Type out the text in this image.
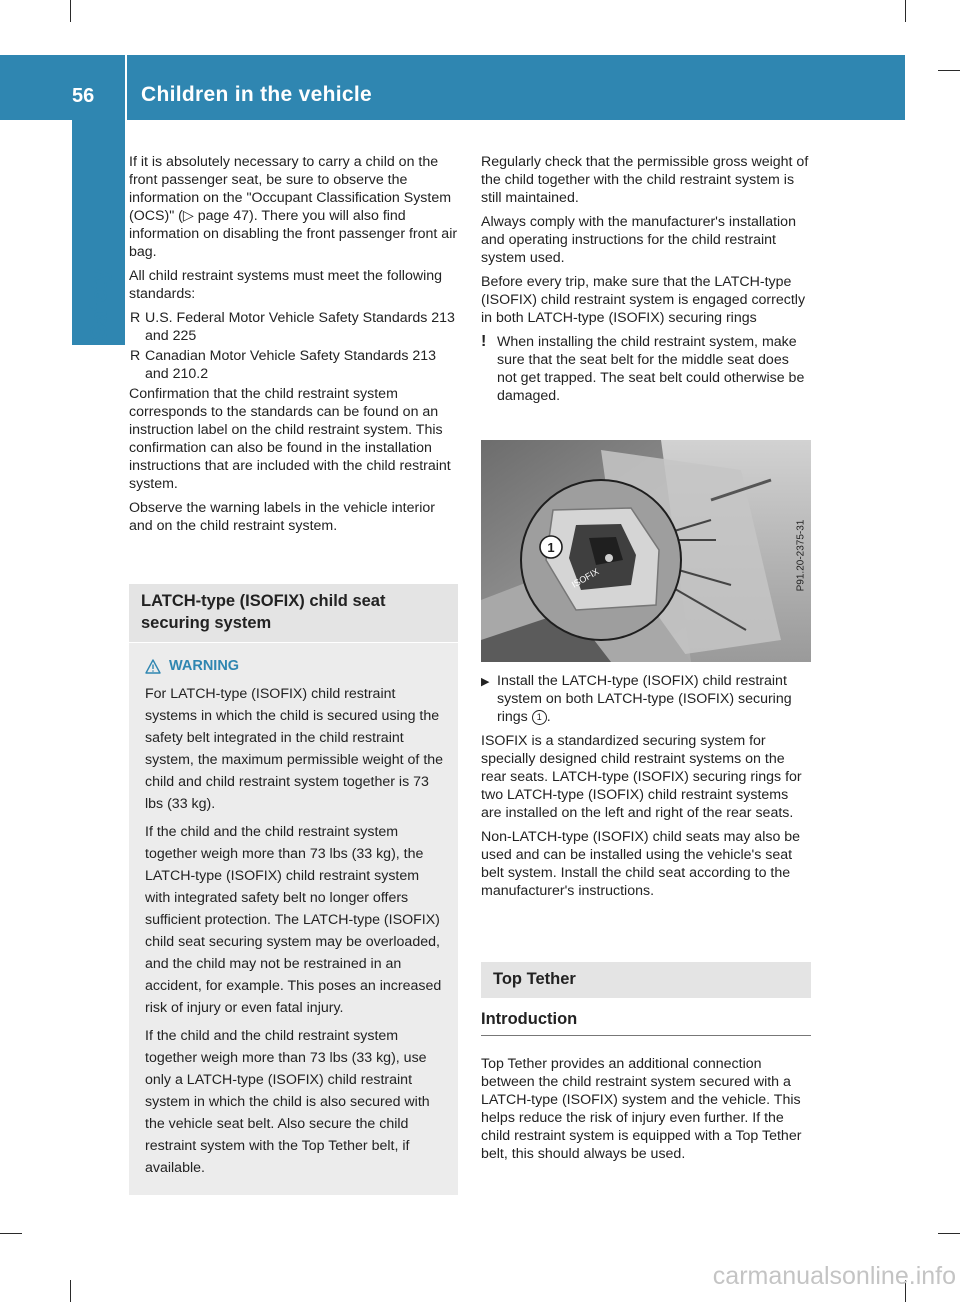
56 Children in the vehicle
Safety

If it is absolutely necessary to carry a child on the front passenger seat, be sure to observe the information on the "Occupant Classification System (OCS)" (▷ page 47). There you will also find information on disabling the front passenger front air bag.

All child restraint systems must meet the following standards:

R U.S. Federal Motor Vehicle Safety Standards 213 and 225
R Canadian Motor Vehicle Safety Standards 213 and 210.2

Confirmation that the child restraint system corresponds to the standards can be found on an instruction label on the child restraint system. This confirmation can also be found in the installation instructions that are included with the child restraint system.

Observe the warning labels in the vehicle interior and on the child restraint system.

LATCH-type (ISOFIX) child seat securing system
WARNING

For LATCH-type (ISOFIX) child restraint systems in which the child is secured using the safety belt integrated in the child restraint system, the maximum permissible weight of the child and child restraint system together is 73 lbs (33 kg).

If the child and the child restraint system together weigh more than 73 lbs (33 kg), the LATCH-type (ISOFIX) child restraint system with integrated safety belt no longer offers sufficient protection. The LATCH-type (ISOFIX) child seat securing system may be overloaded, and the child may not be restrained in an accident, for example. This poses an increased risk of injury or even fatal injury.

If the child and the child restraint system together weigh more than 73 lbs (33 kg), use only a LATCH-type (ISOFIX) child restraint system in which the child is also secured with the vehicle seat belt. Also secure the child restraint system with the Top Tether belt, if available.

Regularly check that the permissible gross weight of the child together with the child restraint system is still maintained.

Always comply with the manufacturer's installation and operating instructions for the child restraint system used.

Before every trip, make sure that the LATCH-type (ISOFIX) child restraint system is engaged correctly in both LATCH-type (ISOFIX) securing rings

! When installing the child restraint system, make sure that the seat belt for the middle seat does not get trapped. The seat belt could otherwise be damaged.
1
ISOFIX	P91.20-2375-31
▶ Install the LATCH-type (ISOFIX) child restraint system on both LATCH-type (ISOFIX) securing rings 1 .

ISOFIX is a standardized securing system for specially designed child restraint systems on the rear seats. LATCH-type (ISOFIX) securing rings for two LATCH-type (ISOFIX) child restraint systems are installed on the left and right of the rear seats.

Non-LATCH-type (ISOFIX) child seats may also be used and can be installed using the vehicle's seat belt system. Install the child seat according to the manufacturer's instructions.

Top Tether
Introduction

Top Tether provides an additional connection between the child restraint system secured with a LATCH-type (ISOFIX) system and the vehicle. This helps reduce the risk of injury even further. If the child restraint system is equipped with a Top Tether belt, this should always be used.

carmanualsonline.info
